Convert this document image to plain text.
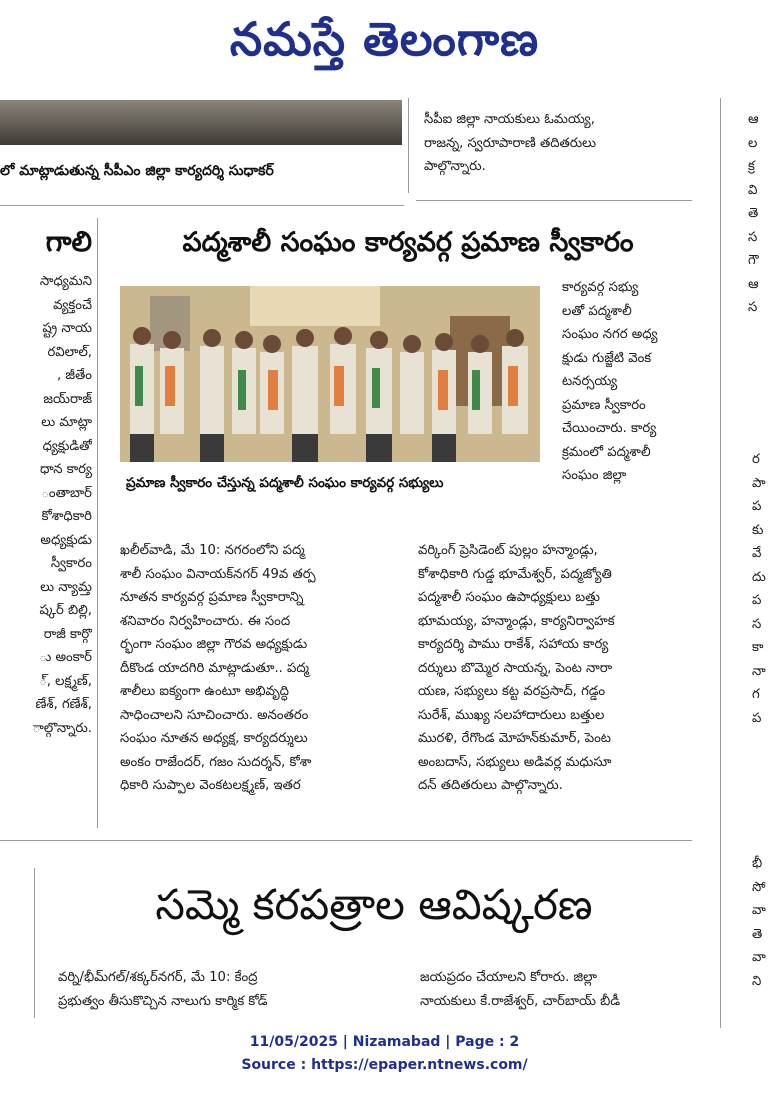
నమస్తే తెలంగాణ
లో మాట్లాడుతున్న సీపీఎం జిల్లా కార్యదర్శి సుధాకర్
సీపీఐ జిల్లా నాయకులు ఓమయ్య,
రాజన్న, స్వరూపారాణి తదితరులు
పాల్గొన్నారు.
ఆ
ల
క్ర
వి
తె
స
గౌ
ఆ
స
ర
పా
ప
కు
వే
దు
ప
స
కా
నా
గ
ప
భీ
సో
వా
తె
వా
ని
గాలి
సాధ్యమని
వ్యక్తంచే
ష్ట్ర నాయ
రవిలాల్,
, జీతేం
జయ్‌రాజ్
లు మాట్లా
ధ్యక్షుడితో
ధాన కార్య
ంతాబార్
కోశాధికారి
అధ్యక్షుడు
స్వీకారం
లు న్యామ్త
ష్కర్ బిల్లి,
రాజీ కార్గొ
ు అంకార్
్, లక్ష్మణ్,
ణేశ్, గణేశ్,
ాల్గొన్నారు.
పద్మశాలీ సంఘం కార్యవర్గ ప్రమాణ స్వీకారం
ప్రమాణ స్వీకారం చేస్తున్న పద్మశాలీ సంఘం కార్యవర్గ సభ్యులు
కార్యవర్గ సభ్యు
లతో పద్మశాలీ
సంఘం నగర అధ్య
క్షుడు గుజ్జేటి వెంక
టనర్సయ్య
ప్రమాణ స్వీకారం
చేయించారు. కార్య
క్రమంలో పద్మశాలీ
సంఘం జిల్లా
ఖలీల్‌వాడి, మే 10: నగరంలోని పద్మ
శాలీ సంఘం వినాయక్‌నగర్ 49వ తర్ప
నూతన కార్యవర్గ ప్రమాణ స్వీకారాన్ని
శనివారం నిర్వహించారు. ఈ సంద
ర్భంగా సంఘం జిల్లా గౌరవ అధ్యక్షుడు
దీకొండ యాదగిరి మాట్లాడుతూ.. పద్మ
శాలీలు ఐక్యంగా ఉంటూ అభివృద్ధి
సాధించాలని సూచించారు. అనంతరం
సంఘం నూతన అధ్యక్ష, కార్యదర్శులు
అంకం రాజేందర్, గజం సుదర్శన్, కోశా
ధికారి సుప్పాల వెంకటలక్ష్మణ్, ఇతర
వర్కింగ్ ప్రెసిడెంట్ పుల్లం హన్మాండ్లు,
కోశాధికారి గుడ్డ భూమేశ్వర్, పద్మజ్యోతి
పద్మశాలీ సంఘం ఉపాధ్యక్షులు బత్తు
భూమయ్య, హన్మాండ్లు, కార్యనిర్వాహక
కార్యదర్శి పాము రాకేశ్, సహాయ కార్య
దర్శులు బొమ్మెర సాయన్న, పెంట నారా
యణ, సభ్యులు కట్ట వరప్రసాద్, గడ్డం
సురేశ్, ముఖ్య సలహాదారులు బత్తుల
మురళి, రేగొండ మోహన్‌కుమార్, పెంట
అంబదాస్, సభ్యులు అడివర్ల మధుసూ
దన్ తదితరులు పాల్గొన్నారు.
సమ్మె కరపత్రాల ఆవిష్కరణ
వర్ని/భీమ్‌గల్/శక్కర్‌నగర్, మే 10: కేంద్ర
ప్రభుత్వం తీసుకొచ్చిన నాలుగు కార్మిక కోడ్
జయప్రదం చేయాలని కోరారు. జిల్లా
నాయకులు కే.రాజేశ్వర్, చార్‌బాయ్ బీడీ
11/05/2025 | Nizamabad | Page : 2
Source : https://epaper.ntnews.com/
